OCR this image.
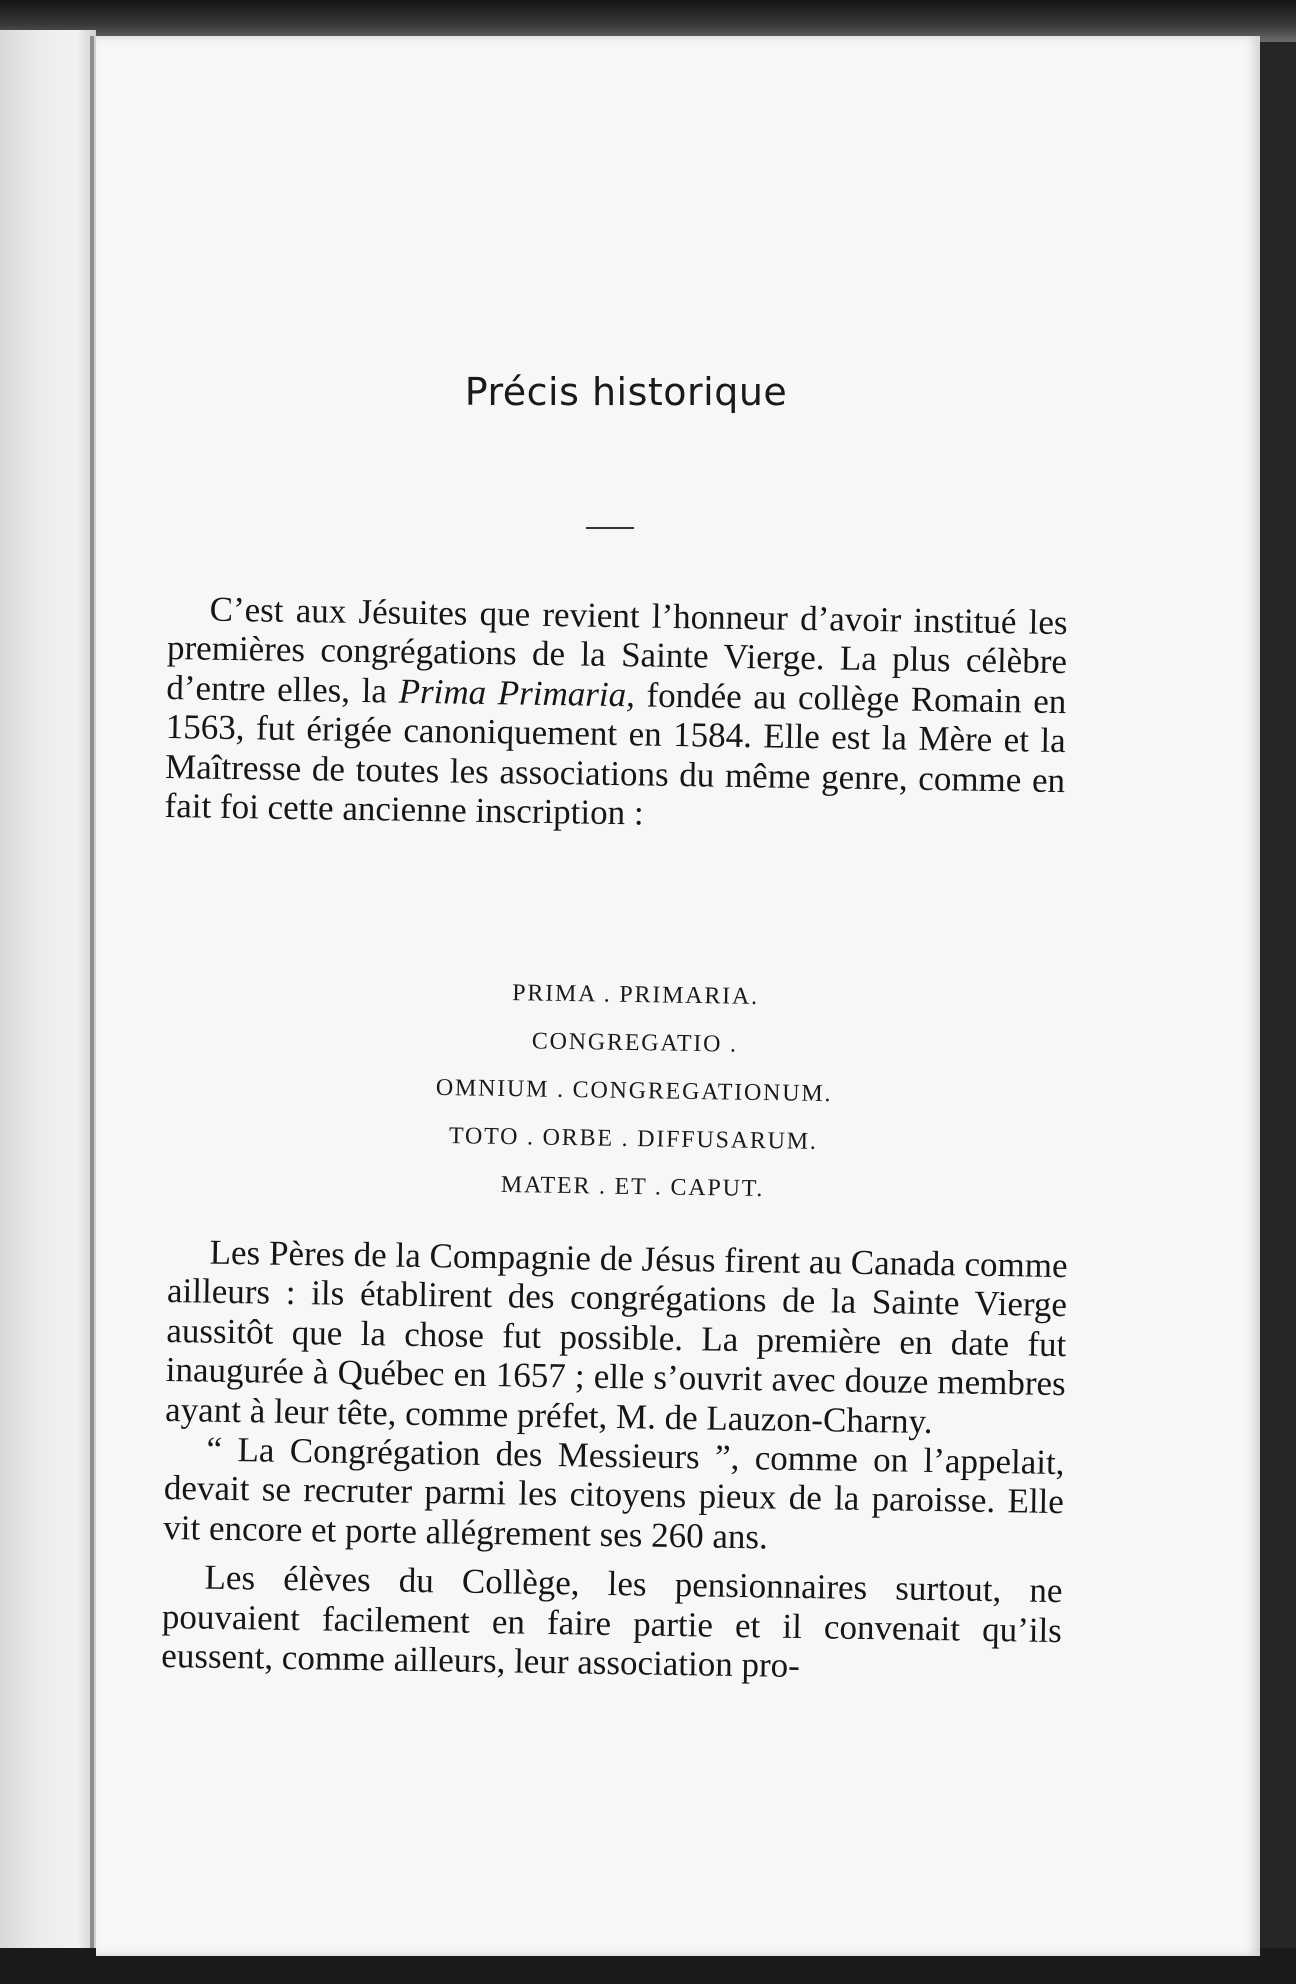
Précis historique

C’est aux Jésuites que revient l’honneur d’avoir institué les premières congrégations de la Sainte Vierge. La plus célèbre d’entre elles, la Prima Primaria, fondée au collège Romain en 1563, fut érigée canoniquement en 1584. Elle est la Mère et la Maîtresse de toutes les associations du même genre, comme en fait foi cette ancienne inscription :

PRIMA . PRIMARIA.
CONGREGATIO .
OMNIUM . CONGREGATIONUM.
TOTO . ORBE . DIFFUSARUM.
MATER . ET . CAPUT.

Les Pères de la Compagnie de Jésus firent au Canada comme ailleurs : ils établirent des congrégations de la Sainte Vierge aussitôt que la chose fut possible. La première en date fut inaugurée à Québec en 1657 ; elle s’ouvrit avec douze membres ayant à leur tête, comme préfet, M. de Lauzon-Charny.

“ La Congrégation des Messieurs ”, comme on l’appelait, devait se recruter parmi les citoyens pieux de la paroisse. Elle vit encore et porte allégrement ses 260 ans.

Les élèves du Collège, les pensionnaires surtout, ne pouvaient facilement en faire partie et il convenait qu’ils eussent, comme ailleurs, leur association pro-
